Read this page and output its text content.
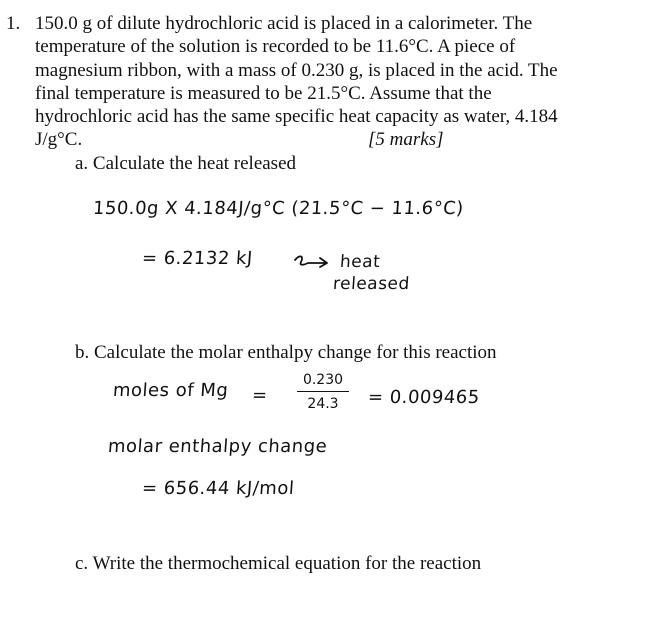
1. 150.0 g of dilute hydrochloric acid is placed in a calorimeter. The
temperature of the solution is recorded to be 11.6°C. A piece of
magnesium ribbon, with a mass of 0.230 g, is placed in the acid. The
final temperature is measured to be 21.5°C. Assume that the
hydrochloric acid has the same specific heat capacity as water, 4.184
J/g°C.	[5 marks]
a. Calculate the heat released
150.0g X 4.184J/g°C (21.5°C − 11.6°C)
= 6.2132 kJ	heat
released
b. Calculate the molar enthalpy change for this reaction
moles of Mg =
0.230
24.3	= 0.009465
molar enthalpy change
= 656.44 kJ/mol
c. Write the thermochemical equation for the reaction
